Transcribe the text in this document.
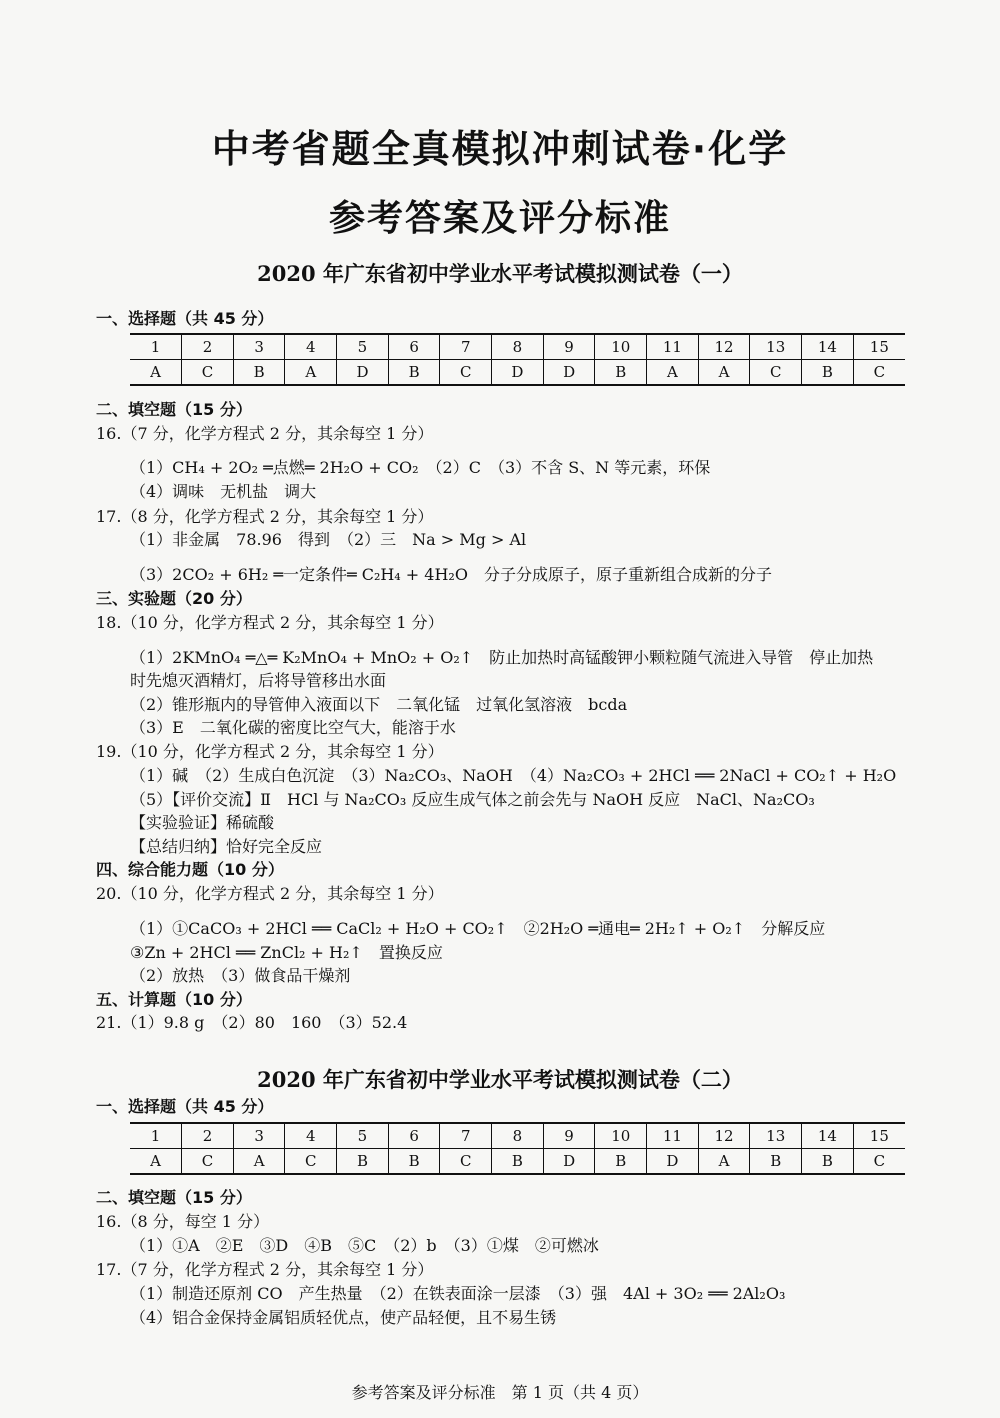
中考省题全真模拟冲刺试卷·化学
参考答案及评分标准
2020 年广东省初中学业水平考试模拟测试卷（一）
一、选择题（共 45 分）
1	2	3	4	5	6	7	8	9	10	11	12	13	14	15
A	C	B	A	D	B	C	D	D	B	A	A	C	B	C
二、填空题（15 分）
16.（7 分，化学方程式 2 分，其余每空 1 分）
（1）CH₄ + 2O₂ ═点燃═ 2H₂O + CO₂　（2）C　（3）不含 S、N 等元素，环保
（4）调味　无机盐　调大
17.（8 分，化学方程式 2 分，其余每空 1 分）
（1）非金属　78.96　得到　（2）三　Na > Mg > Al
（3）2CO₂ + 6H₂ ═一定条件═ C₂H₄ + 4H₂O　分子分成原子，原子重新组合成新的分子
三、实验题（20 分）
18.（10 分，化学方程式 2 分，其余每空 1 分）
（1）2KMnO₄ ═△═ K₂MnO₄ + MnO₂ + O₂↑　防止加热时高锰酸钾小颗粒随气流进入导管　停止加热
时先熄灭酒精灯，后将导管移出水面
（2）锥形瓶内的导管伸入液面以下　二氧化锰　过氧化氢溶液　bcda
（3）E　二氧化碳的密度比空气大，能溶于水
19.（10 分，化学方程式 2 分，其余每空 1 分）
（1）碱　（2）生成白色沉淀　（3）Na₂CO₃、NaOH　（4）Na₂CO₃ + 2HCl ══ 2NaCl + CO₂↑ + H₂O
（5）【评价交流】Ⅱ　HCl 与 Na₂CO₃ 反应生成气体之前会先与 NaOH 反应　NaCl、Na₂CO₃
【实验验证】稀硫酸
【总结归纳】恰好完全反应
四、综合能力题（10 分）
20.（10 分，化学方程式 2 分，其余每空 1 分）
（1）①CaCO₃ + 2HCl ══ CaCl₂ + H₂O + CO₂↑　②2H₂O ═通电═ 2H₂↑ + O₂↑　分解反应
③Zn + 2HCl ══ ZnCl₂ + H₂↑　置换反应
（2）放热　（3）做食品干燥剂
五、计算题（10 分）
21.（1）9.8 g　（2）80　160　（3）52.4
2020 年广东省初中学业水平考试模拟测试卷（二）
一、选择题（共 45 分）
1	2	3	4	5	6	7	8	9	10	11	12	13	14	15
A	C	A	C	B	B	C	B	D	B	D	A	B	B	C
二、填空题（15 分）
16.（8 分，每空 1 分）
（1）①A　②E　③D　④B　⑤C　（2）b　（3）①煤　②可燃冰
17.（7 分，化学方程式 2 分，其余每空 1 分）
（1）制造还原剂 CO　产生热量　（2）在铁表面涂一层漆　（3）强　4Al + 3O₂ ══ 2Al₂O₃
（4）铝合金保持金属铝质轻优点，使产品轻便，且不易生锈
参考答案及评分标准　第 1 页（共 4 页）
